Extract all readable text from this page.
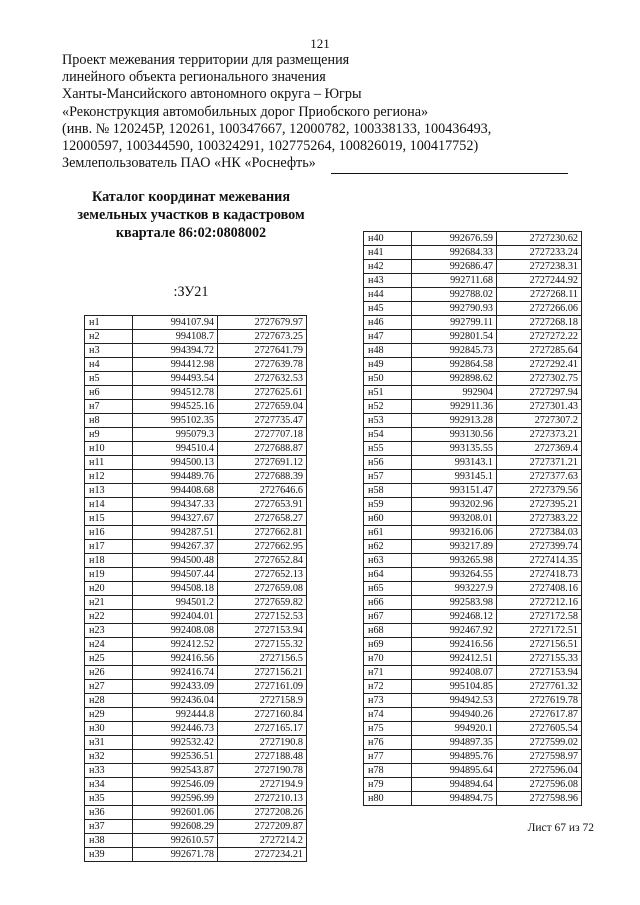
121
Проект межевания территории для размещения
линейного объекта регионального значения
Ханты-Мансийского автономного округа – Югры
«Реконструкция автомобильных дорог Приобского региона»
(инв. № 120245Р, 120261, 100347667, 12000782, 100338133, 100436493,
12000597, 100344590, 100324291, 102775264, 100826019, 100417752)
Землепользователь ПАО «НК «Роснефть»
Каталог координат межевания
земельных участков в кадастровом
квартале 86:02:0808002
:ЗУ21
н1	994107.94	2727679.97
н2	994108.7	2727673.25
н3	994394.72	2727641.79
н4	994412.98	2727639.78
н5	994493.54	2727632.53
н6	994512.78	2727625.61
н7	994525.16	2727659.04
н8	995102.35	2727735.47
н9	995079.3	2727707.18
н10	994510.4	2727688.87
н11	994500.13	2727691.12
н12	994489.76	2727688.39
н13	994408.68	2727646.6
н14	994347.33	2727653.91
н15	994327.67	2727658.27
н16	994287.51	2727662.81
н17	994267.37	2727662.95
н18	994500.48	2727652.84
н19	994507.44	2727652.13
н20	994508.18	2727659.08
н21	994501.2	2727659.82
н22	992404.01	2727152.53
н23	992408.08	2727153.94
н24	992412.52	2727155.32
н25	992416.56	2727156.5
н26	992416.74	2727156.21
н27	992433.09	2727161.09
н28	992436.04	2727158.9
н29	992444.8	2727160.84
н30	992446.73	2727165.17
н31	992532.42	2727190.8
н32	992536.51	2727188.48
н33	992543.87	2727190.78
н34	992546.09	2727194.9
н35	992596.99	2727210.13
н36	992601.06	2727208.26
н37	992608.29	2727209.87
н38	992610.57	2727214.2
н39	992671.78	2727234.21
н40	992676.59	2727230.62
н41	992684.33	2727233.24
н42	992686.47	2727238.31
н43	992711.68	2727244.92
н44	992788.02	2727268.11
н45	992790.93	2727266.06
н46	992799.11	2727268.18
н47	992801.54	2727272.22
н48	992845.73	2727285.64
н49	992864.58	2727292.41
н50	992898.62	2727302.75
н51	992904	2727297.94
н52	992911.36	2727301.43
н53	992913.28	2727307.2
н54	993130.56	2727373.21
н55	993135.55	2727369.4
н56	993143.1	2727371.21
н57	993145.1	2727377.63
н58	993151.47	2727379.56
н59	993202.96	2727395.21
н60	993208.01	2727383.22
н61	993216.06	2727384.03
н62	993217.89	2727399.74
н63	993265.98	2727414.35
н64	993264.55	2727418.73
н65	993227.9	2727408.16
н66	992583.98	2727212.16
н67	992468.12	2727172.58
н68	992467.92	2727172.51
н69	992416.56	2727156.51
н70	992412.51	2727155.33
н71	992408.07	2727153.94
н72	995104.85	2727761.32
н73	994942.53	2727619.78
н74	994940.26	2727617.87
н75	994920.1	2727605.54
н76	994897.35	2727599.02
н77	994895.76	2727598.97
н78	994895.64	2727596.04
н79	994894.64	2727596.08
н80	994894.75	2727598.96
Лист 67 из 72
